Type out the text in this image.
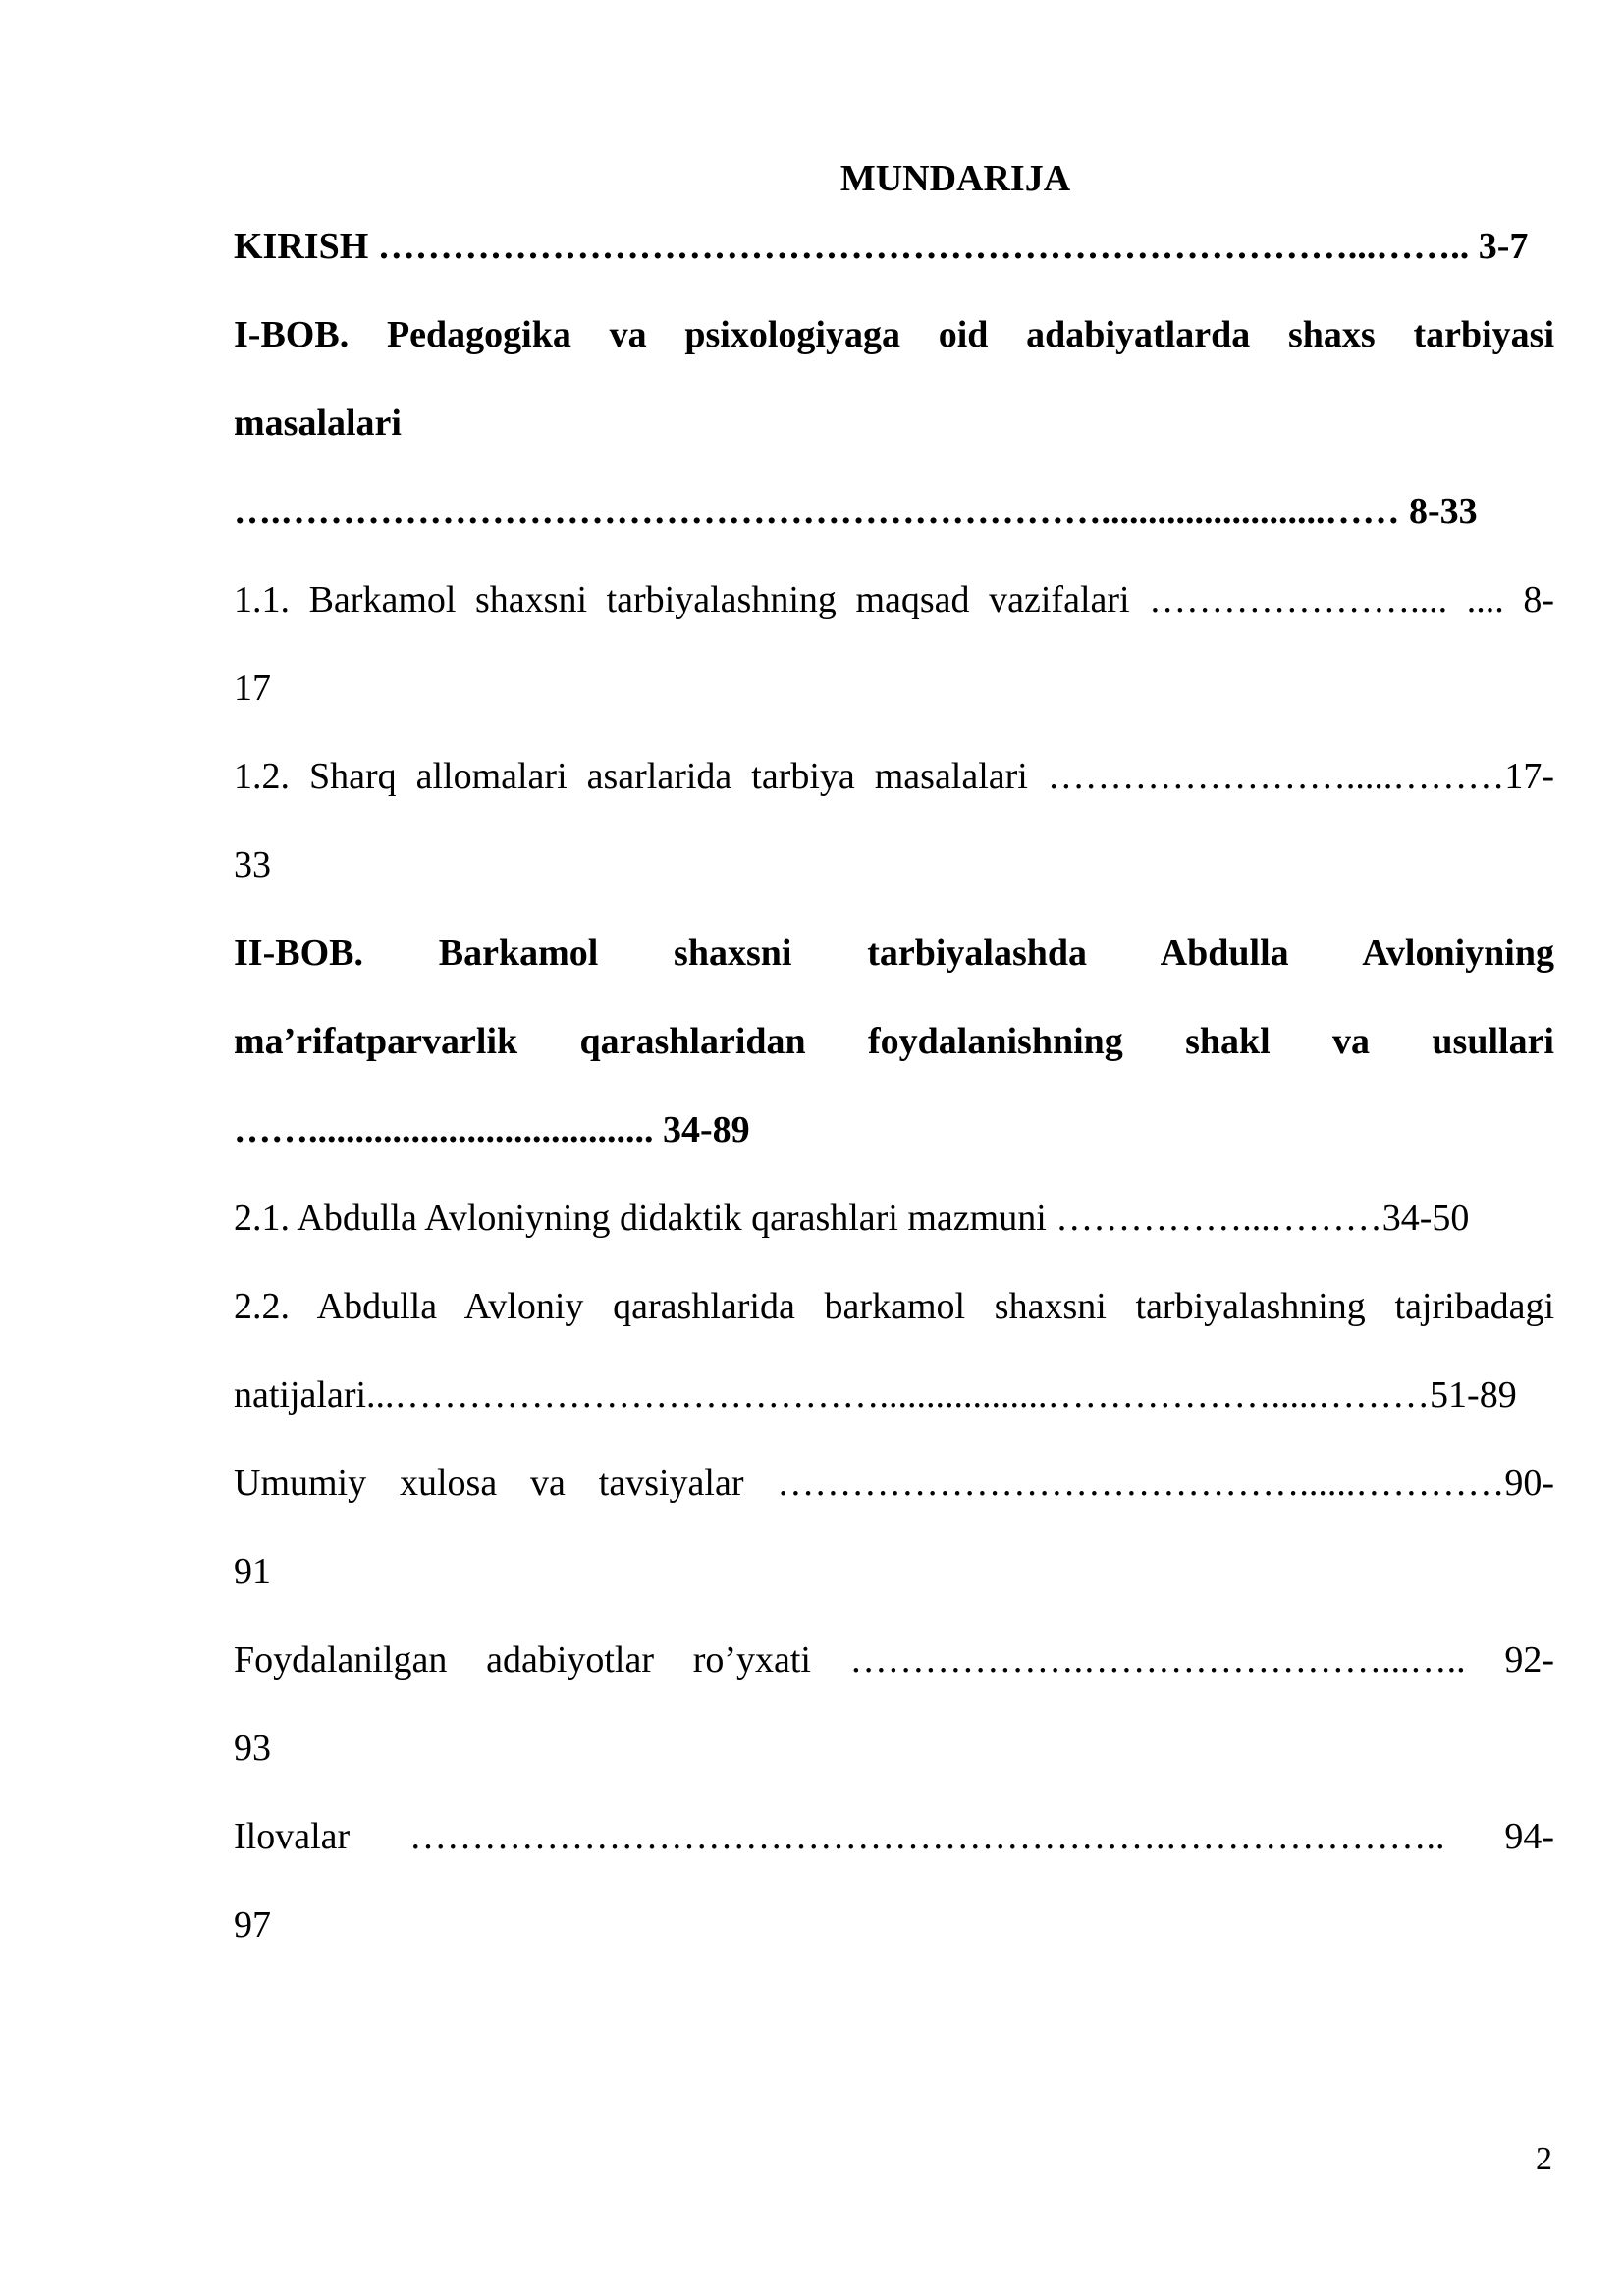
MUNDARIJA
KIRISH ……………………………………………………………………...…….. 3-7
I-BOB. Pedagogika va psixologiyaga oid adabiyatlarda shaxs tarbiyasi
masalalari
….…………………………………………………………........................…… 8-33
1.1. Barkamol shaxsni tarbiyalashning maqsad vazifalari ………………….... .... 8-
17
1.2. Sharq allomalari asarlarida tarbiya masalalari …………………….....………17-
33
II-BOB. Barkamol shaxsni tarbiyalashda Abdulla Avloniyning
ma’rifatparvarlik qarashlaridan foydalanishning shakl va usullari
……..................................... 34-89
2.1. Abdulla Avloniyning didaktik qarashlari mazmuni ……………...………34-50
2.2. Abdulla Avloniy qarashlarida barkamol shaxsni tarbiyalashning tajribadagi
natijalari...…………………………………..................……………….....………51-89
Umumiy xulosa va tavsiyalar ……………………………………......…………90-
91
Foydalanilgan adabiyotlar ro’yxati ……………….……………………...….. 92-
93
Ilovalar …………………………………………………….………………….. 94-
97
2
